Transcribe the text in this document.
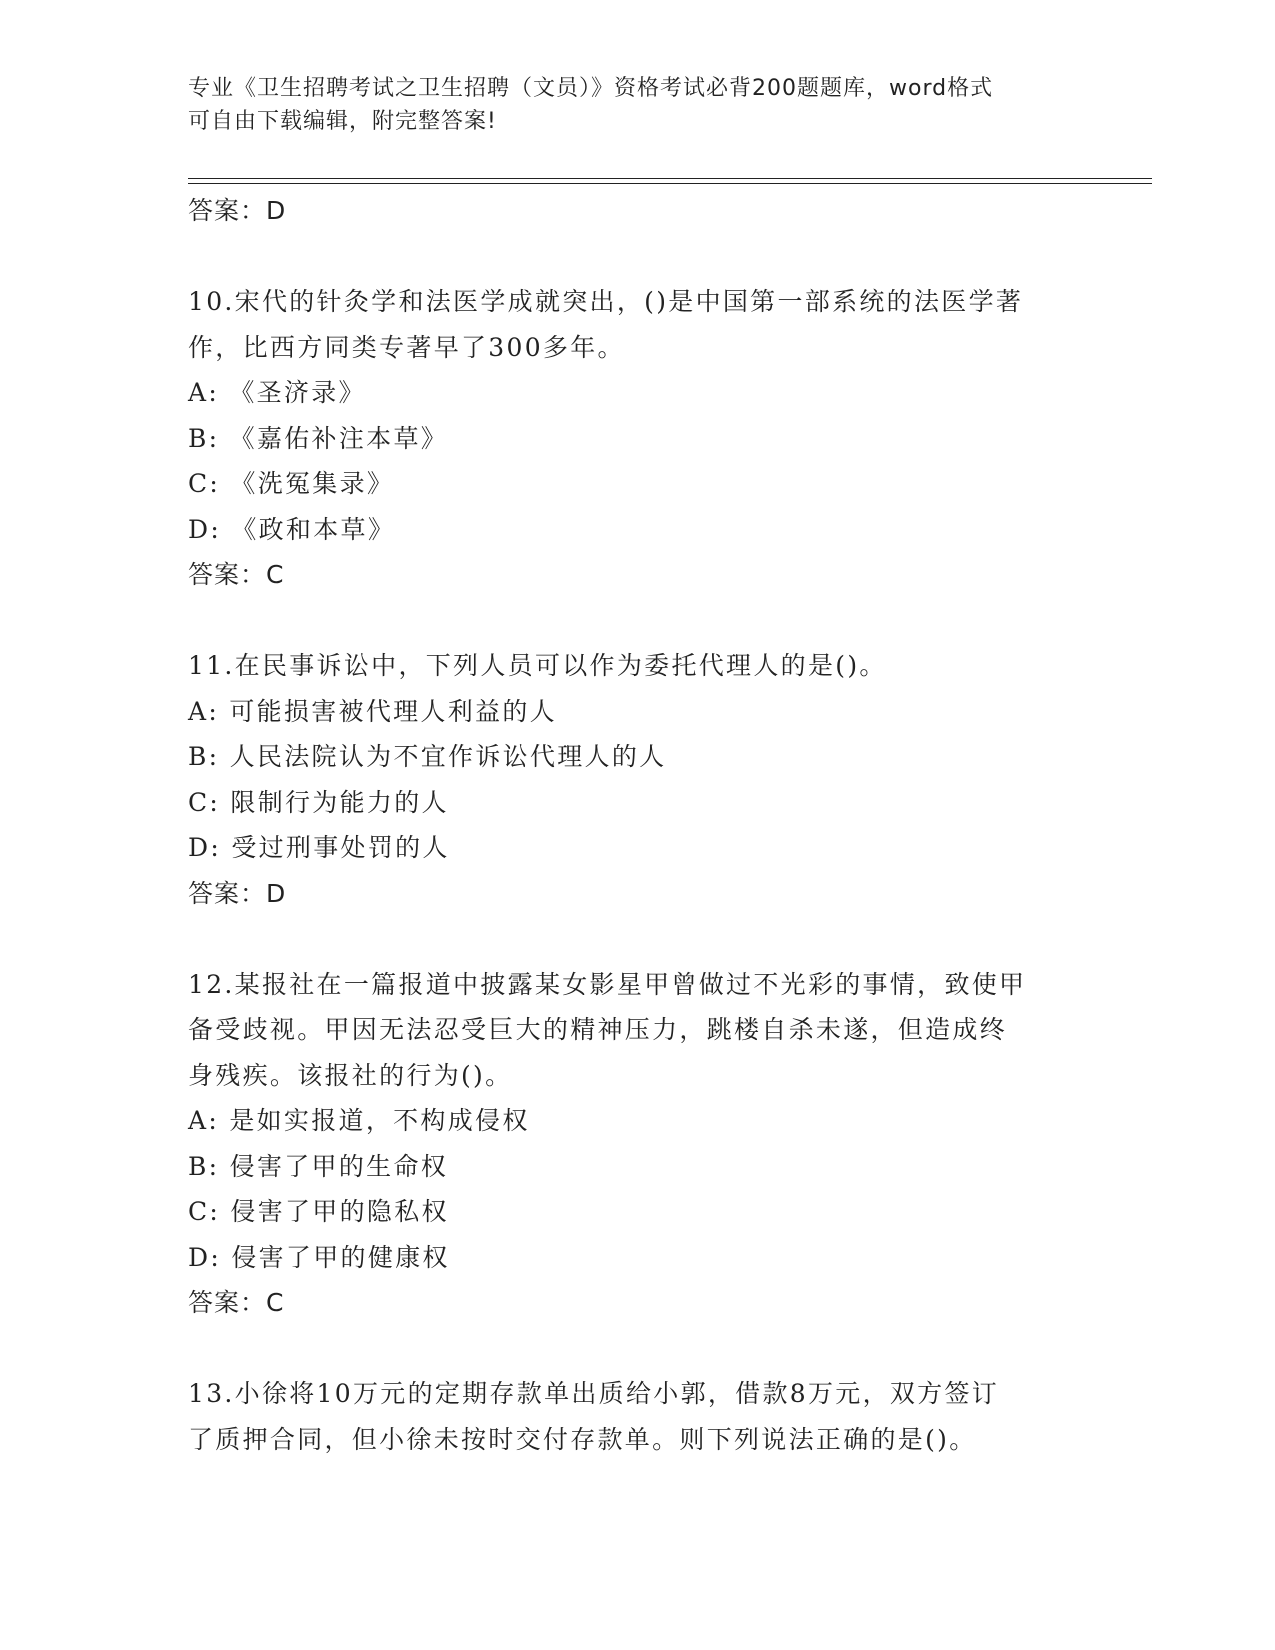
专业《卫生招聘考试之卫生招聘（文员）》资格考试必背200题题库，word格式
可自由下载编辑，附完整答案!
答案：D
10.宋代的针灸学和法医学成就突出，()是中国第一部系统的法医学著
作，比西方同类专著早了300多年。
A: 《圣济录》
B: 《嘉佑补注本草》
C: 《洗冤集录》
D: 《政和本草》
答案：C
11.在民事诉讼中，下列人员可以作为委托代理人的是()。
A: 可能损害被代理人利益的人
B: 人民法院认为不宜作诉讼代理人的人
C: 限制行为能力的人
D: 受过刑事处罚的人
答案：D
12.某报社在一篇报道中披露某女影星甲曾做过不光彩的事情，致使甲
备受歧视。甲因无法忍受巨大的精神压力，跳楼自杀未遂，但造成终
身残疾。该报社的行为()。
A: 是如实报道，不构成侵权
B: 侵害了甲的生命权
C: 侵害了甲的隐私权
D: 侵害了甲的健康权
答案：C
13.小徐将10万元的定期存款单出质给小郭，借款8万元，双方签订
了质押合同，但小徐未按时交付存款单。则下列说法正确的是()。
